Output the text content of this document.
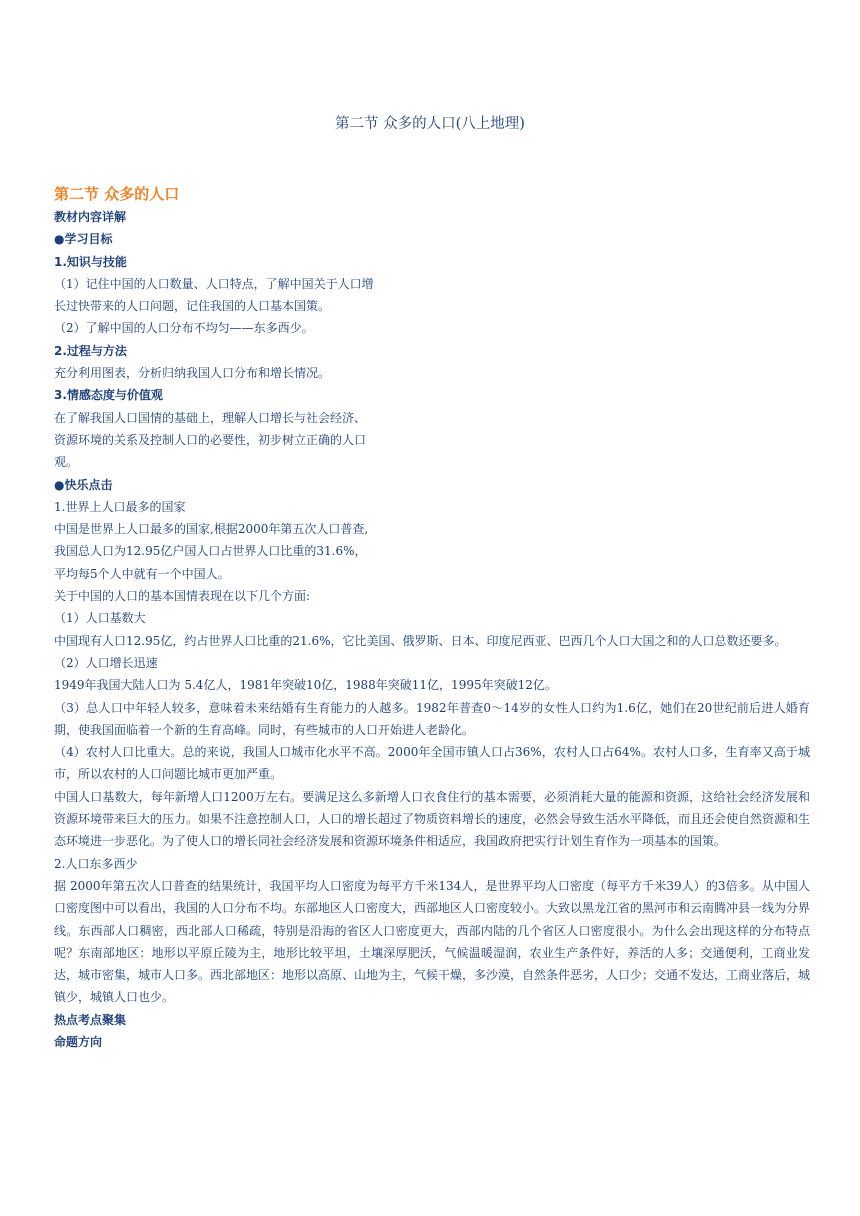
第二节 众多的人口(八上地理)
第二节 众多的人口
教材内容详解
●学习目标
1.知识与技能
（1）记住中国的人口数量、人口特点，了解中国关于人口增
长过快带来的人口问题，记住我国的人口基本国策。
（2）了解中国的人口分布不均匀——东多西少。
2.过程与方法
充分利用图表，分析归纳我国人口分布和增长情况。
3.情感态度与价值观
在了解我国人口国情的基础上，理解人口增长与社会经济、
资源环境的关系及控制人口的必要性，初步树立正确的人口
观。
●快乐点击
1.世界上人口最多的国家
中国是世界上人口最多的国家,根据2000年第五次人口普查,
我国总人口为12.95亿户国人口占世界人口比重的31.6%，
平均每5个人中就有一个中国人。
关于中国的人口的基本国情表现在以下几个方面:
（1）人口基数大
中国现有人口12.95亿，约占世界人口比重的21.6%，它比美国、俄罗斯、日本、印度尼西亚、巴西几个人口大国之和的人口总数还要多。
（2）人口增长迅速
1949年我国大陆人口为 5.4亿人，1981年突破10亿，1988年突破11亿，1995年突破12亿。
（3）总人口中年轻人较多，意味着未来结婚有生育能力的人越多。1982年普查0～14岁的女性人口约为1.6亿，她们在20世纪前后进人婚育期，使我国面临着一个新的生育高峰。同时，有些城市的人口开始进人老龄化。
（4）农村人口比重大。总的来说，我国人口城市化水平不高。2000年全国市镇人口占36%，农村人口占64%。农村人口多，生育率又高于城市，所以农村的人口问题比城市更加严重。
中国人口基数大，每年新增人口1200万左右。要满足这么多新增人口衣食住行的基本需要，必须消耗大量的能源和资源，这给社会经济发展和资源环境带来巨大的压力。如果不注意控制人口，人口的增长超过了物质资料增长的速度，必然会导致生活水平降低，而且还会使自然资源和生态环境进一步恶化。为了使人口的增长同社会经济发展和资源环境条件相适应，我国政府把实行计划生育作为一项基本的国策。
2.人口东多西少
据 2000年第五次人口普查的结果统计，我国平均人口密度为每平方千米134人，是世界平均人口密度（每平方千米39人）的3倍多。从中国人口密度图中可以看出，我国的人口分布不均。东部地区人口密度大，西部地区人口密度较小。大致以黑龙江省的黑河市和云南腾冲县一线为分界线。东西部人口稠密，西北部人口稀疏，特别是沿海的省区人口密度更大，西部内陆的几个省区人口密度很小。为什么会出现这样的分布特点呢？东南部地区：地形以平原丘陵为主，地形比较平坦，土壤深厚肥沃，气候温暖湿润，农业生产条件好，养活的人多；交通便利，工商业发达，城市密集，城市人口多。西北部地区：地形以高原、山地为主，气候干燥，多沙漠，自然条件恶劣，人口少；交通不发达，工商业落后，城镇少，城镇人口也少。
热点考点聚集
命题方向
